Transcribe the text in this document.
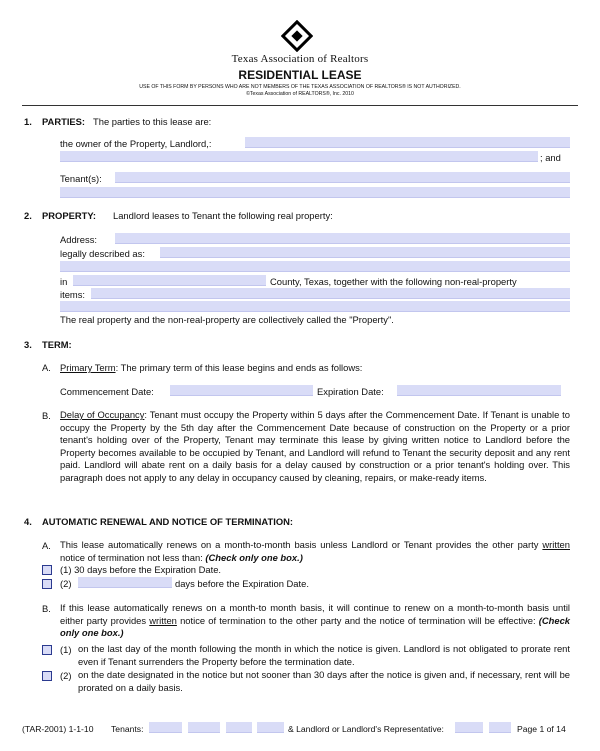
Texas Association of Realtors
RESIDENTIAL LEASE
USE OF THIS FORM BY PERSONS WHO ARE NOT MEMBERS OF THE TEXAS ASSOCIATION OF REALTORS® IS NOT AUTHORIZED.
©Texas Association of REALTORS®, Inc. 2010
1. PARTIES: The parties to this lease are:
the owner of the Property, Landlord,:
; and
Tenant(s):
2. PROPERTY: Landlord leases to Tenant the following real property:
Address:
legally described as:
in	County, Texas, together with the following non-real-property
items:
The real property and the non-real-property are collectively called the "Property".
3. TERM:
A. Primary Term: The primary term of this lease begins and ends as follows:
Commencement Date:	Expiration Date:
B. Delay of Occupancy: Tenant must occupy the Property within 5 days after the Commencement Date. If Tenant is unable to occupy the Property by the 5th day after the Commencement Date because of construction on the Property or a prior tenant's holding over of the Property, Tenant may terminate this lease by giving written notice to Landlord before the Property becomes available to be occupied by Tenant, and Landlord will refund to Tenant the security deposit and any rent paid. Landlord will abate rent on a daily basis for a delay caused by construction or a prior tenant's holding over. This paragraph does not apply to any delay in occupancy caused by cleaning, repairs, or make-ready items.
4. AUTOMATIC RENEWAL AND NOTICE OF TERMINATION:
A. This lease automatically renews on a month-to-month basis unless Landlord or Tenant provides the other party written notice of termination not less than: (Check only one box.)
(1) 30 days before the Expiration Date.
(2)	days before the Expiration Date.
B. If this lease automatically renews on a month-to month basis, it will continue to renew on a month-to-month basis until either party provides written notice of termination to the other party and the notice of termination will be effective: (Check only one box.)
(1) on the last day of the month following the month in which the notice is given. Landlord is not obligated to prorate rent even if Tenant surrenders the Property before the termination date.
(2) on the date designated in the notice but not sooner than 30 days after the notice is given and, if necessary, rent will be prorated on a daily basis.
(TAR-2001) 1-1-10 Tenants:	& Landlord or Landlord's Representative:	Page 1 of 14
